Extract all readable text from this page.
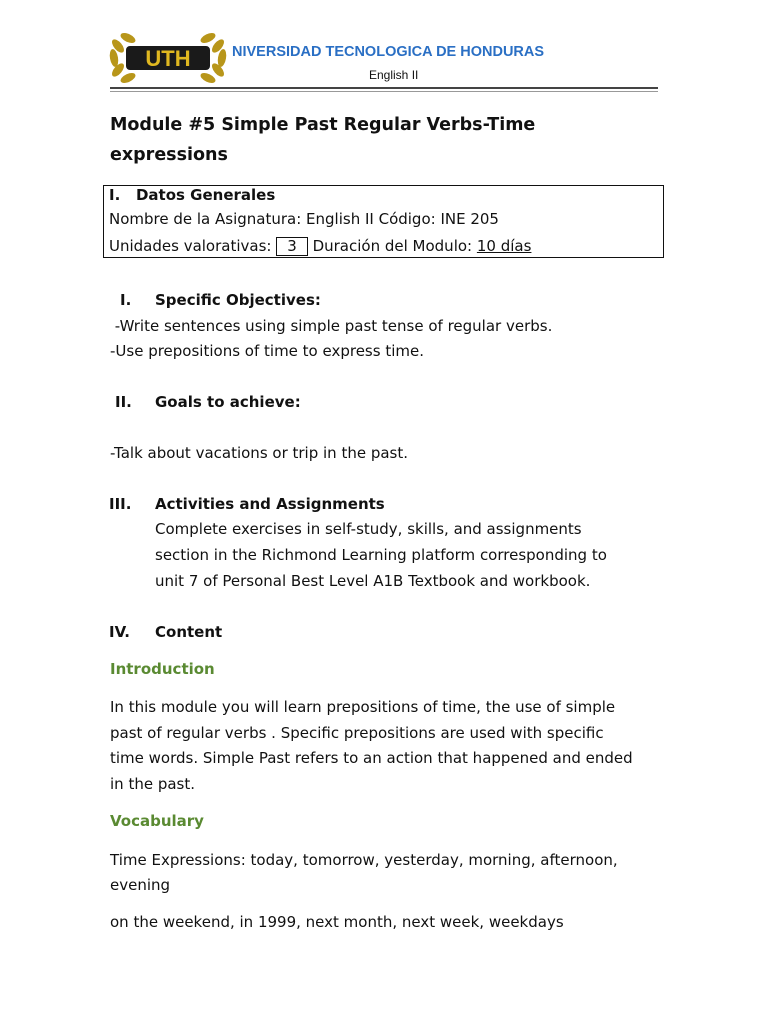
UTH	NIVERSIDAD TECNOLOGICA DE HONDURAS
English II
Module #5 Simple Past Regular Verbs-Time expressions
I. Datos Generales
Nombre de la Asignatura: English II Código: INE 205
Unidades valorativas: 3 Duración del Modulo: 10 días
I. Specific Objectives:
-Write sentences using simple past tense of regular verbs.
-Use prepositions of time to express time.
II. Goals to achieve:
-Talk about vacations or trip in the past.
III. Activities and Assignments
Complete exercises in self-study, skills, and assignments
section in the Richmond Learning platform corresponding to
unit 7 of Personal Best Level A1B Textbook and workbook.
IV. Content
Introduction
In this module you will learn prepositions of time, the use of simple
past of regular verbs . Specific prepositions are used with specific
time words. Simple Past refers to an action that happened and ended
in the past.
Vocabulary
Time Expressions: today, tomorrow, yesterday, morning, afternoon,
evening
on the weekend, in 1999, next month, next week, weekdays
